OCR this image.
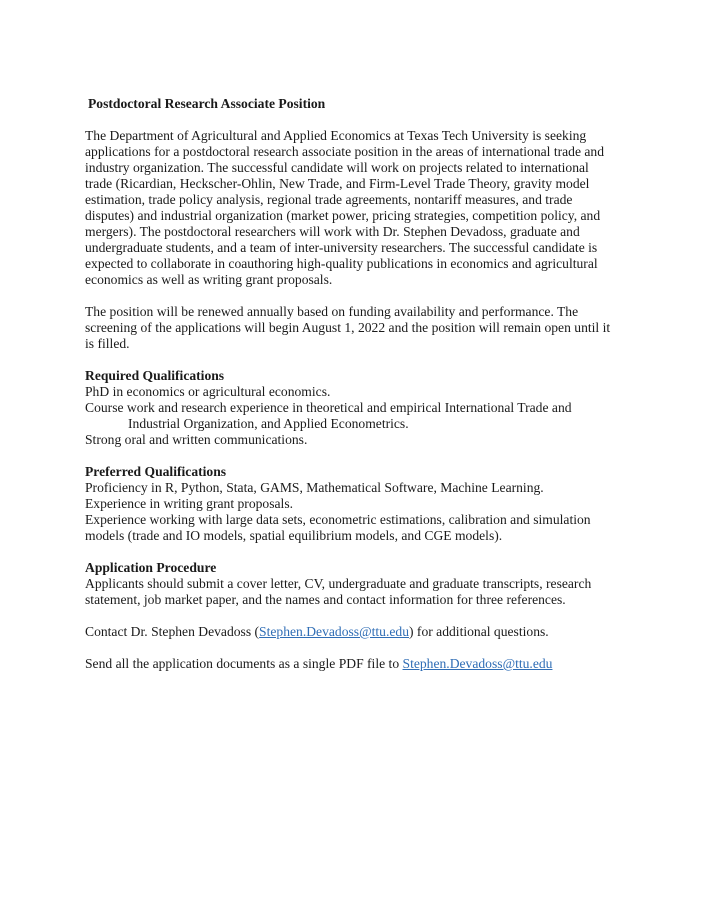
Postdoctoral Research Associate Position

The Department of Agricultural and Applied Economics at Texas Tech University is seeking

applications for a postdoctoral research associate position in the areas of international trade and

industry organization. The successful candidate will work on projects related to international

trade (Ricardian, Heckscher-Ohlin, New Trade, and Firm-Level Trade Theory, gravity model

estimation, trade policy analysis, regional trade agreements, nontariff measures, and trade

disputes) and industrial organization (market power, pricing strategies, competition policy, and

mergers). The postdoctoral researchers will work with Dr. Stephen Devadoss, graduate and

undergraduate students, and a team of inter-university researchers. The successful candidate is

expected to collaborate in coauthoring high-quality publications in economics and agricultural

economics as well as writing grant proposals.

The position will be renewed annually based on funding availability and performance. The

screening of the applications will begin August 1, 2022 and the position will remain open until it

is filled.

Required Qualifications

PhD in economics or agricultural economics.

Course work and research experience in theoretical and empirical International Trade and

Industrial Organization, and Applied Econometrics.

Strong oral and written communications.

Preferred Qualifications

Proficiency in R, Python, Stata, GAMS, Mathematical Software, Machine Learning.

Experience in writing grant proposals.

Experience working with large data sets, econometric estimations, calibration and simulation

models (trade and IO models, spatial equilibrium models, and CGE models).

Application Procedure

Applicants should submit a cover letter, CV, undergraduate and graduate transcripts, research

statement, job market paper, and the names and contact information for three references.

Contact Dr. Stephen Devadoss (Stephen.Devadoss@ttu.edu) for additional questions.

Send all the application documents as a single PDF file to Stephen.Devadoss@ttu.edu
